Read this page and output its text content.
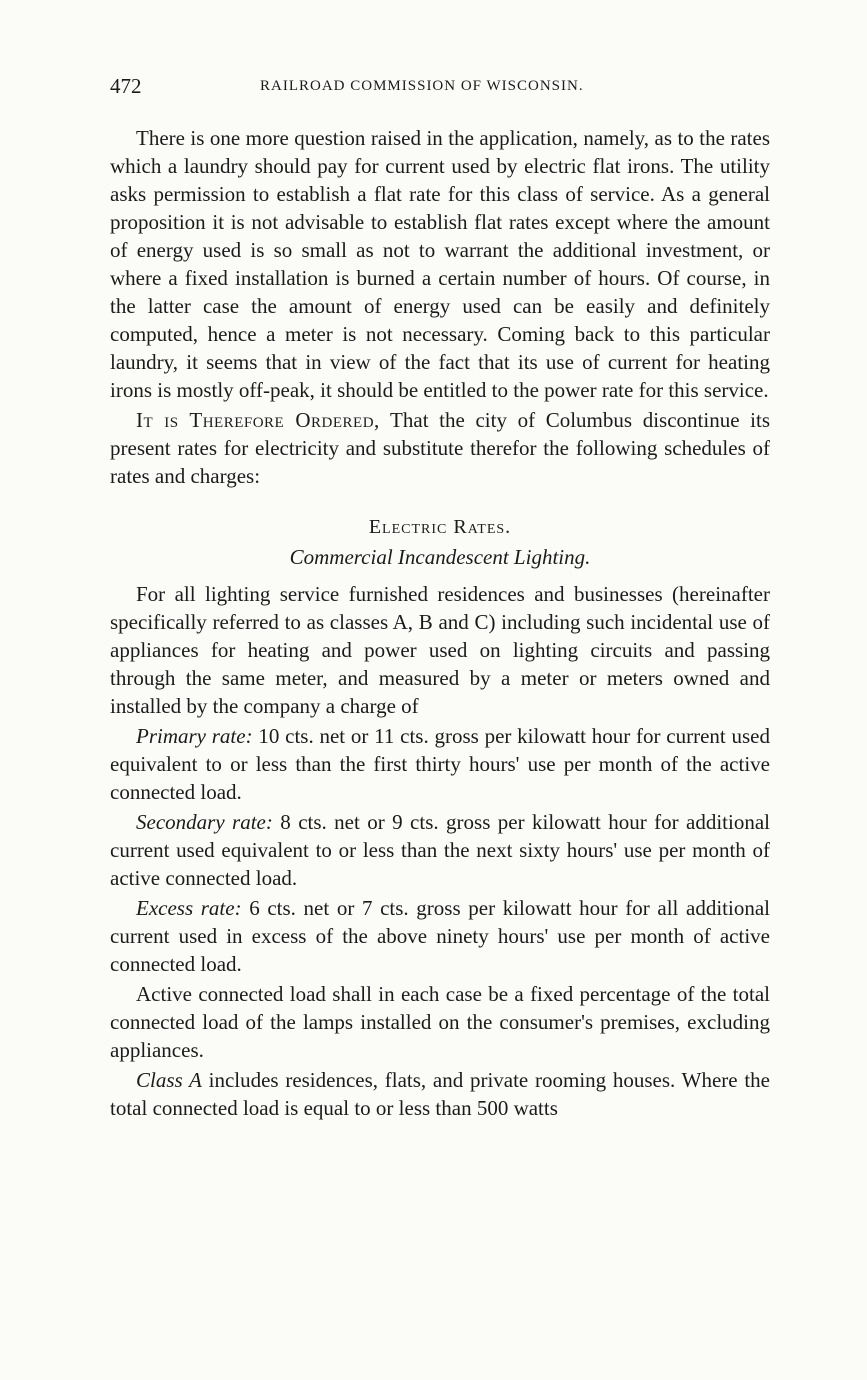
472	RAILROAD COMMISSION OF WISCONSIN.

There is one more question raised in the application, namely, as to the rates which a laundry should pay for current used by electric flat irons. The utility asks permission to establish a flat rate for this class of service. As a general proposition it is not advisable to establish flat rates except where the amount of energy used is so small as not to warrant the additional investment, or where a fixed installation is burned a certain number of hours. Of course, in the latter case the amount of energy used can be easily and definitely computed, hence a meter is not necessary. Coming back to this particular laundry, it seems that in view of the fact that its use of current for heating irons is mostly off-peak, it should be entitled to the power rate for this service.

It is Therefore Ordered, That the city of Columbus discontinue its present rates for electricity and substitute therefor the following schedules of rates and charges:

Electric Rates.
Commercial Incandescent Lighting.

For all lighting service furnished residences and businesses (hereinafter specifically referred to as classes A, B and C) including such incidental use of appliances for heating and power used on lighting circuits and passing through the same meter, and measured by a meter or meters owned and installed by the company a charge of

Primary rate: 10 cts. net or 11 cts. gross per kilowatt hour for current used equivalent to or less than the first thirty hours' use per month of the active connected load.

Secondary rate: 8 cts. net or 9 cts. gross per kilowatt hour for additional current used equivalent to or less than the next sixty hours' use per month of active connected load.

Excess rate: 6 cts. net or 7 cts. gross per kilowatt hour for all additional current used in excess of the above ninety hours' use per month of active connected load.

Active connected load shall in each case be a fixed percentage of the total connected load of the lamps installed on the consumer's premises, excluding appliances.

Class A includes residences, flats, and private rooming houses. Where the total connected load is equal to or less than 500 watts
